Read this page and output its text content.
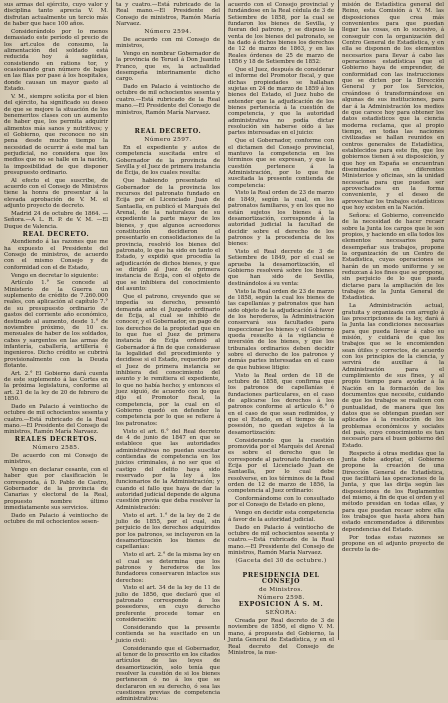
sus armas del ejército, cuyo valor y disciplina tanto aprecia V. M. disfrutan actualmente un tercio más de haber que hace 100 años.

Considerándolo por lo menos demasiado este período el precio de los art.culos de consumo, la alimentación del soldado está reducida hoy á sagüidas, consistiendo en rations tor, y ocasionando gran número de bajas en las filas por pase á los hospitales, donde causan un mayor gasto al Estado.

V. M., siempre solícita por el bien del ejército, ha significado su deseo de que se mejore la situación de los benemeritos clases con un aumento de haber que, los permita adquirir alimentos más sanos y nutritivos; y el Gobierno, que reconoce no sin pena desde mucho tiempo la necesidad de ocurrir á este mal tan perjudicial, no considera que los medios que no se halle en la nación, la imposibilidad de que disponer presupuesto ordinario.

Al efecto el que suscribe, de acuerdo con el Consejo de Ministros tiene la honra de presentar á la elevada aprobación de V. M. el adjunto proyecto de decreto.

Madrid 24 de octubre de 1864. —Señora.—A L. R. P. de V. M. —El Duque de Valencia.

REAL DECRETO.

Atendiendo á las razones que me ha expuesto el Presidente del Consejo de ministros, de acuerdo con el mismo Consejo y de conformidad con el de Estado,

Vengo en decretar lo siguiente:

Artículo 1.° Se concede al Ministerio de la Guerra un suplemento de crédito de 7.260.000 reales, con aplicación al capítulo 7.° de su presupuesto ordinario de gastos del corriente año económico, destinado al aumento, desde 1.° de noviembre próximo, de 10 cs. mensuales de haber de los soldados, cabos y sargentos en las armas de infantería, caballería, artillería é ingenieros. Dicho crédito se cubrirá provisionalmente con la Deuda flotante.

Art. 2.° El Gobierno dará cuenta de este suplemento á las Cortes en la próxima legislatura, conforme al art. 21 de la ley de 20 de febrero de 1850.

Dado en Palacio á veintiocho de octubre de mil ochocientos sesenta y cuatro.—Está rubricado de la Real mano.—El Presidente del Consejo de ministros, Ramón María Narvaez.

REALES DECRETOS.

Número 2585.

De acuerdo con mi Consejo de ministros,

Vengo en declarar cesante, con el haber que por clasificación le corresponda, á D. Pablo de Castro, Gobernador de la provincia de Canarias y electoral de la Real, propuesto nombre último inmediatamente sus servicios.

Dado en Palacio á veintiocho de octubre de mil ochocientos sesen-

ta y cuatro.—Está rubricado de la Real mano.—El Presidente del Consejo de ministros, Ramón María Narvaez.

Número 2594.

De acuerdo con mi Consejo de ministros,

Vengo en nombrar Gobernador de la provincia de Teruel á Don Juanito Franco, que es, la actualidad desempeña interinamente dicho cargo.

Dado en Palacio á veintiocho de octubre de mil ochocientos sesenta y cuatro.—Está rubricado de la Real mano.—El Presidente del Consejo de ministros, Ramón María Narvaez.

REAL DECRETO.

Número 2597.

En el expediente y autos de competencia suscitada entre el Gobernador de la provincia de Sevilla y el Juez de primera instancia de Écija, de los cuales resulta:

Que habiendo presentado el Gobernador de la provincia los recursos del patronato fundado en Écija por el Licenciado Juan de Santaella, en publicó el Marqués del Arenal, de la naturaleza de su expediente la parte mayor de los bienes, y que algunos acreedores constitución decidieron el presentarlo en consolidaciones de la provincia, resolvió los bienes del patronato, lo que ha sido en tanto el Estado, y expidió que procedía la adjudicación de dichos bienes, y que se dirigió al Juez de primera instancia de Écija, con el objeto de que se inhibiera del conocimiento del asunto:

Que el patrono, creyendo que se impedía su derecho, presentó demanda ante el Juzgado ordinario de Écija, al cual se inhibió de conocer, y el Gobernador, en pago de los derechos de la propiedad que en lo que fue el Juez de primera instancia de Écija ordenó al Gobernador á fin de que considerase la legalidad del procedimiento y decidiese si el Estado, requerido por el Juez de primera instancia se inhibiera del conocimiento del asunto y le remitiera el expediente, lo que no había hecho; y entonces el juez siguió, de acuerdo con lo que dijo el Promotor fiscal, la competencia, por la cual en el Gobierno quedó en defender la competencia por lo que se refiere á los patronatos:

Visto el art. 6.° del Real decreto de 4 de junio de 1847 en que se establece que las autoridades administrativas no puedan suscitar contiendas de competencia en los juicios criminales, á no ser que el castigo del delito haya sido reservado por la ley á los funcionarios de la Administración; y cuando el fallo que haya de dar la autoridad judicial depende de alguna cuestión previa que deba resolver la Administración:

Visto el art. 1.° de la ley de 2 de julio de 1855, por el cual, sin perjuicio de los derechos adquiridos por los patronos, se incluyeron en la desamortización los bienes de capellanías:

Visto el art. 2.° de la misma ley en el cual se determina que los patronos y herederos de los fundadores conservaren intactos sus derechos:

Visto el art. 34 de la ley de 11 de julio de 1856, que declaró que el patronato corresponde á los poseedores, en cuyo derecho preferente procede tomar en consideración:

Considerando que la presente contienda se ha suscitado en un juicio civil:

Considerando que el Gobernador, al tenor de lo prescrito en los citados artículos de las leyes de desamortización, solo tenía que resolver la cuestión de si los bienes pertenecen ó no á los que se declararon en su derecho, ó sea las cuestiones previas de competencia administrativa:

acuerdo con el Consejo provincial y fundándose en la Real cédula de 3 de Setiembre de 1858, por la cual se fundaron los bienes de Sevilla, y fueran del patrono, y se dispuso la venta de los bienes del patronato, se ha dado á dichos bienes los derechos de 12 de marzo de 1863, y en las Reales órdenes de 25 de marzo de 1856 y 18 de Setiembre de 1852:

Que el Juez, después de considerar el informe del Promotor fiscal, y que dichas propiedades se hallaban sujetas en 24 de marzo de 1859 á los bienes del Estado, el Juez hubo de entender que la adjudicación de los bienes pertenecía á la cuestión de competencia, y que la autoridad administrativa no podía dictar resolución sin haberse oído á las partes interesadas en el juicio:

Que el Gobernador, conforme con el dictamen del Consejo provincial, mantuvo la competencia en los términos que se expresan, y que la cuestión pertenece á la Administración, por lo que fue suscitada la presente contienda de competencia:

Visto la Real orden de 23 de marzo de 1849, según la cual, en los patronatos familiares, y en los que no están sujetos los bienes á la desamortización, corresponde á la autoridad judicial la facultad de decidir sobre el derecho de los patronos y la procedencia de los bienes:

Visto el Real decreto de 3 de Setiembre de 1849, por el cual se aprueba la desamortización, el Gobierno resolverá sobre los bienes que han sido de Sevilla, destinándolos á su venta:

Visto la Real orden de 23 de marzo de 1858, según la cual los bienes de las capellanías y patronatos que han sido objeto de la adjudicación á favor de los herederos, la Administración conservará sus facultades para inspeccionar los bienes y el Gobierno queda resuelto á la vigilancia é inversión de los bienes, y que los tribunales ordinarios deben decidir sobre el derecho de los patronos y demás partes interesadas en el caso de que hubiese litigio:

Visto la Real orden de 18 de octubre de 1858, que confirma que los patronos de capellanías é fundaciones particulares, en el caso de aplicarse los derechos á los patronos conforme al artículo 6.° ó en el caso de que sean redimidos, y que el Estado, en el tiempo de la posesión, no quedan sujetos á la desamortización:

Considerando que la cuestión promovida por el Marqués del Arenal es sobre el derecho que le corresponde al patronato fundado en Écija por el Licenciado Juan de Santaella, por lo cual debe resolverse, en los términos de la Real orden de 12 de marzo de 1856, la competencia al Juez ordinario:

Conformándome con lo consultado por el Consejo de Estado en pleno,

Vengo en decidir esta competencia á favor de la autoridad judicial.

Dado en Palacio á veintiocho de octubre de mil ochocientos sesenta y cuatro.—Está rubricado de la Real mano.—El Presidente del Consejo de ministros, Ramón María Narvaez.

(Gaceta del 30 de octubre.)

PRESIDENCIA DEL CONSEJO

de Ministros.

Número 2598.

EXPOSICION Á S. M.

SEÑORA:

Creada por Real decreto de 3 de noviembre de 1856, el digno V. M. mano, á propuesta del Gobierno, la Junta General de Estadística, y en el Real decreto del Consejo de Ministros, la nue-

misión de Estadística general del Reino, esta Comisión á V. M. las disposiciones que crea más convenientes para que puedan llegar las cosas, en lo sucesivo, á conseguir con la organización del Centro General de Estadística, y en ella se disponen de los elementos necesarios para llevar á cabo las operaciones estadísticas que el Gobierno haya de emprender, de conformidad con las instrucciones que se dicten por la Dirección General y por los Servicios, creándose ó transformándose en algunas de sus instituciones, para dar á la Administración los medios de que carece hoy para obtener los datos estadísticos que la ciencia moderna reclama, que al propio tiempo, en todas las naciones civilizadas se hallan reunidos en centros generales de Estadística, establecidos para este fin, que los gobiernos tienen á su disposición, y que hoy en España se encuentran diseminados en diferentes Ministerios y oficinas, sin la unidad necesaria para que puedan ser aprovechados en la forma conveniente, y el deseo de aprovechar los trabajos estadísticos que hoy existen en la Nación.

Señora: el Gobierno, convencido de la necesidad de hacer recaer sobre la Junta los cargos que le son propios, y haciendo en ella todos los elementos necesarios para desempeñar sus trabajos, propone la organización de un Centro de Estadística, cuyas operaciones se harán de un modo uniforme y se reduzcan á los fines que se propone, sin perjuicio de lo que pueda dictarse para la ampliación de los trabajos de la Junta General de Estadística.

La Administración actual, gratuita y organizada con arreglo á las prescripciones de la ley, dará á la Junta las condiciones necesarias para que pueda llevar á cabo su misión, y cuidará de que los trabajos que se le encomienden sean útiles y correctos, de acuerdo con los principios de la ciencia, y servirá de auxiliar á la Administración para el cumplimiento de sus fines, y al propio tiempo para ayudar á la Nación en la formación de los documentos que necesite, cuidando de que los trabajos se realicen con puntualidad, de manera que los datos que se obtengan puedan ser aplicados á la resolución de los problemas económicos y sociales del país, cuyo conocimiento es tan necesario para el buen gobierno del Estado.

Respecto á otras medidas que la Junta debe adoptar, el Gobierno propone la creación de una Dirección General de Estadística, que facilitará las operaciones de la Junta, y que las dirija según las disposiciones de los Reglamentos del mismo, á fin de que el orden y el método presidan en todas ellas, y para que puedan recaer sobre ella los trabajos que hasta ahora han estado encomendados á diferentes dependencias del Estado.

Por todas estas razones se propone en el adjunto proyecto de decreto la de-
